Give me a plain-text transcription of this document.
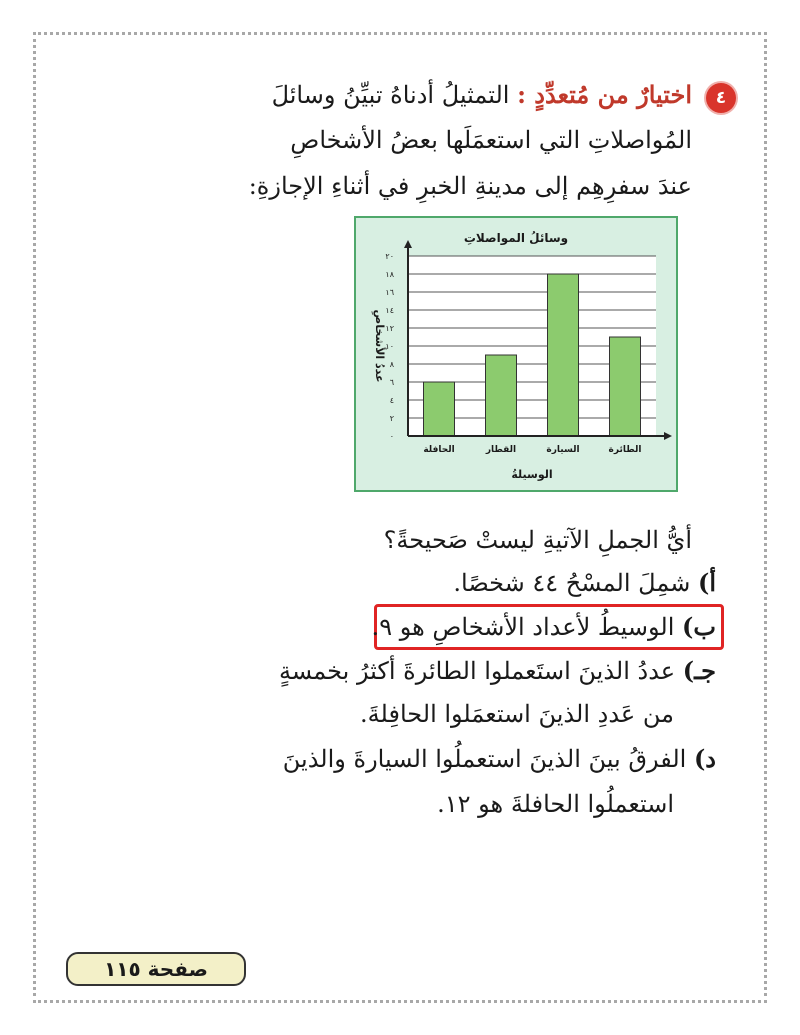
٤
اختيارٌ من مُتعدِّدٍ : التمثيلُ أدناهُ تبيِّنُ وسائلَ
المُواصلاتِ التي استعمَلَها بعضُ الأشخاصِ
عندَ سفرِهِم إلى مدينةِ الخبرِ في أثناءِ الإجازةِ:
وسائلُ المواصلاتِ
٠
٢
٤
٦
٨
١٠
١٢
١٤
١٦
١٨
٢٠
الحافلة	القطار	السيارة	الطائرة
الوسيلةُ
عددُ الأشخاصِ
أيُّ الجملِ الآتيةِ ليستْ صَحيحةً؟
أ) شمِلَ المسْحُ ٤٤ شخصًا.
ب) الوسيطُ لأعداد الأشخاصِ هو ٩.
جـ) عددُ الذينَ استَعملوا الطائرةَ أكثرُ بخمسةٍ
من عَددِ الذينَ استعمَلوا الحافِلةَ.
د) الفرقُ بينَ الذينَ استعملُوا السيارةَ والذينَ
استعملُوا الحافلةَ هو ١٢.
صفحة ١١٥
